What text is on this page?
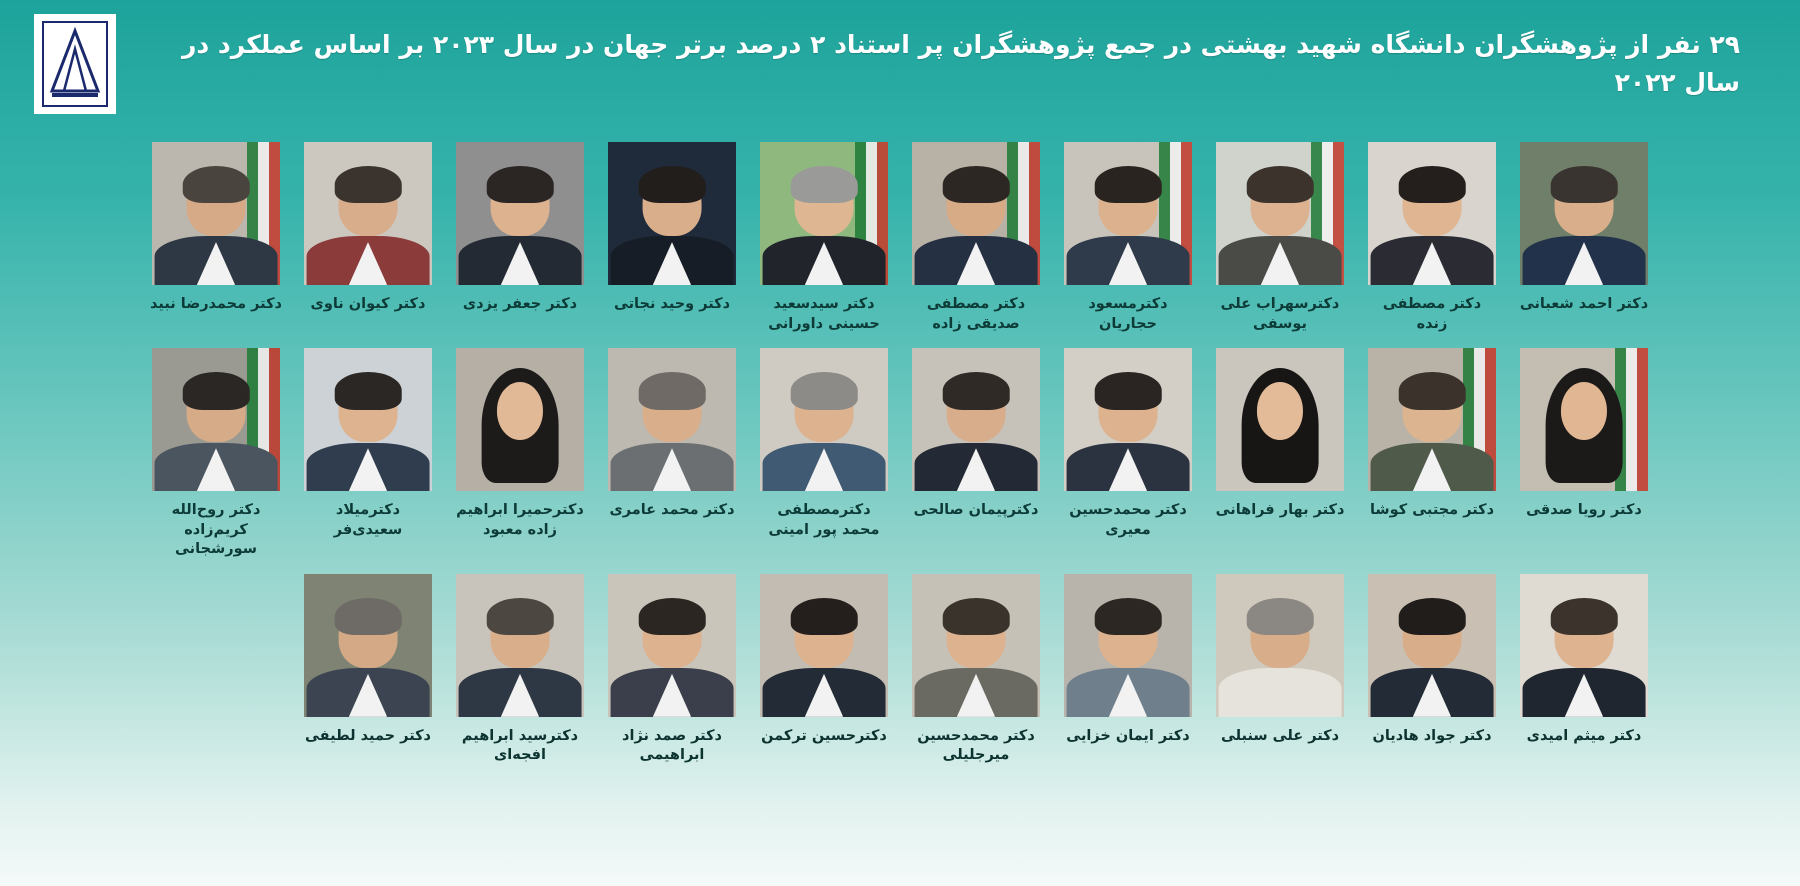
۲۹ نفر از پژوهشگران دانشگاه شهید بهشتی در جمع پژوهشگران پر استناد ۲ درصد برتر جهان در سال ۲۰۲۳ بر اساس عملکرد در سال ۲۰۲۲
دکتر احمد شعبانی
دکتر مصطفی زنده
دکترسهراب علی یوسفی
دکترمسعود حجاریان
دکتر مصطفی صدیقی زاده
دکتر سیدسعید حسینی داورانی
دکتر وحید نجاتی
دکتر جعفر یزدی
دکتر کیوان ناوی
دکتر محمدرضا نبید
دکتر رویا صدقی
دکتر مجتبی کوشا
دکتر بهار فراهانی
دکتر محمدحسین معیری
دکترپیمان صالحی
دکترمصطفی محمد پور امینی
دکتر محمد عامری
دکترحمیرا ابراهیم زاده معبود
دکترمیلاد سعیدی‌فر
دکتر روح‌الله کریم‌زاده سورشجانی
دکتر میثم امیدی
دکتر جواد هادیان
دکتر علی سنبلی
دکتر ایمان خزایی
دکتر محمدحسین میرجلیلی
دکترحسین ترکمن
دکتر صمد نژاد ابراهیمی
دکترسید ابراهیم افجه‌ای
دکتر حمید لطیفی
